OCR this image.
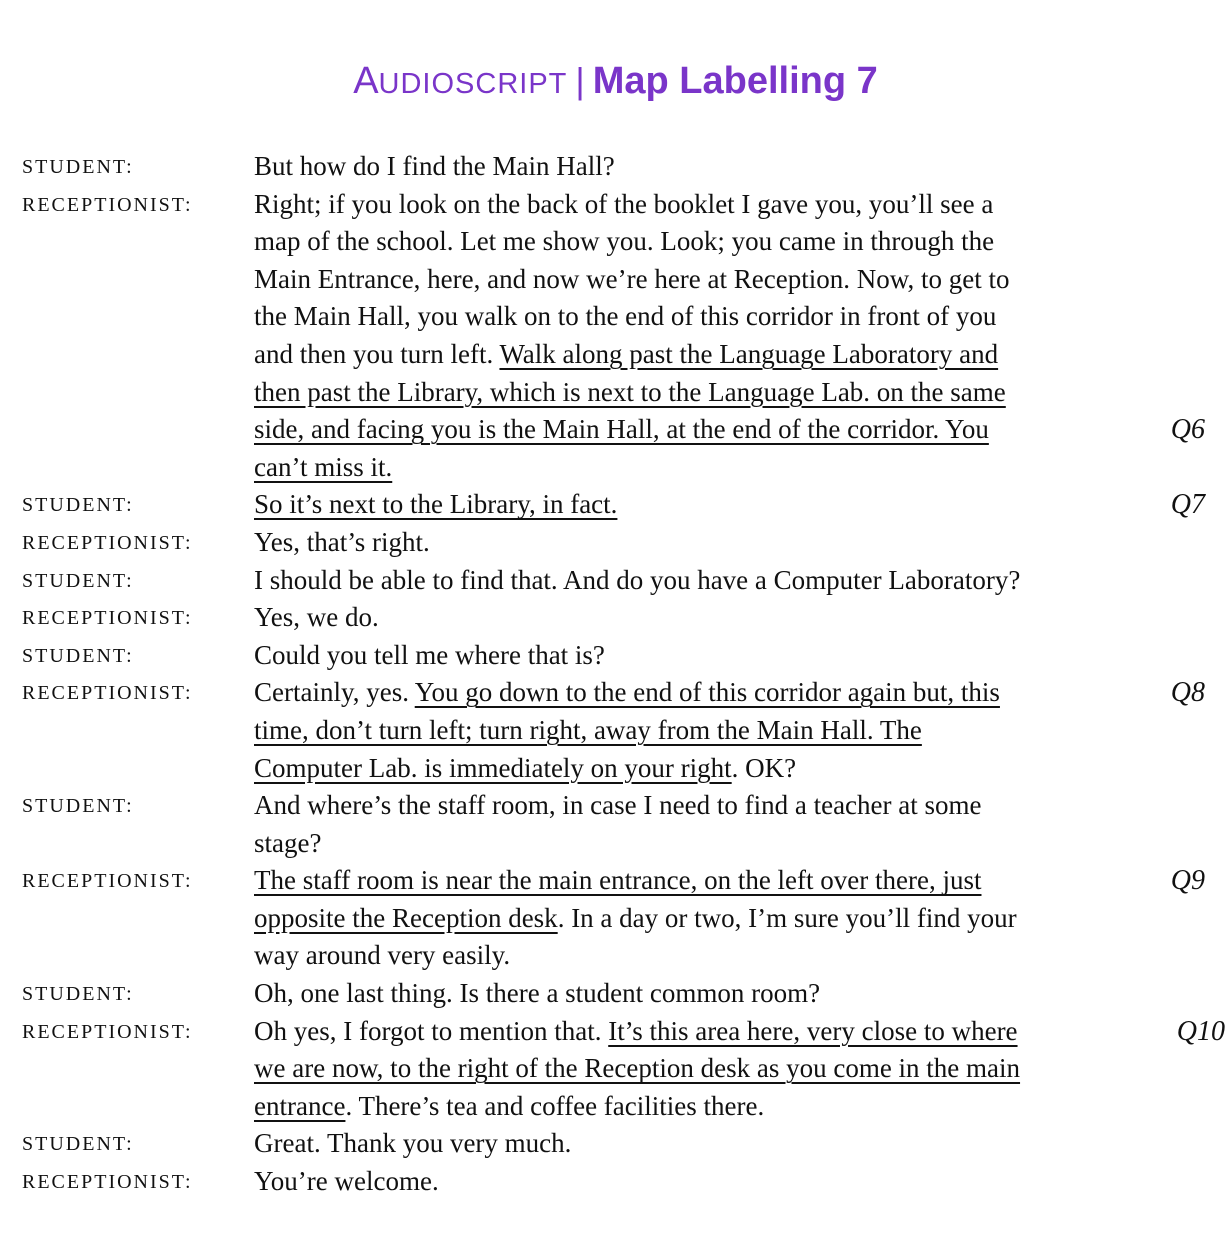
AUDIOSCRIPT | Map Labelling 7
STUDENT:	But how do I find the Main Hall?
RECEPTIONIST: Right; if you look on the back of the booklet I gave you, you’ll see a
map of the school. Let me show you. Look; you came in through the
Main Entrance, here, and now we’re here at Reception. Now, to get to
the Main Hall, you walk on to the end of this corridor in front of you
and then you turn left. Walk along past the Language Laboratory and
then past the Library, which is next to the Language Lab. on the same
side, and facing you is the Main Hall, at the end of the corridor. You	Q6
can’t miss it.
STUDENT:	So it’s next to the Library, in fact.	Q7
RECEPTIONIST: Yes, that’s right.
STUDENT:	I should be able to find that. And do you have a Computer Laboratory?
RECEPTIONIST: Yes, we do.
STUDENT:	Could you tell me where that is?
RECEPTIONIST: Certainly, yes. You go down to the end of this corridor again but, this	Q8
time, don’t turn left; turn right, away from the Main Hall. The
Computer Lab. is immediately on your right. OK?
STUDENT:	And where’s the staff room, in case I need to find a teacher at some
stage?
RECEPTIONIST: The staff room is near the main entrance, on the left over there, just	Q9
opposite the Reception desk. In a day or two, I’m sure you’ll find your
way around very easily.
STUDENT:	Oh, one last thing. Is there a student common room?
RECEPTIONIST: Oh yes, I forgot to mention that. It’s this area here, very close to where	Q10
we are now, to the right of the Reception desk as you come in the main
entrance. There’s tea and coffee facilities there.
STUDENT:	Great. Thank you very much.
RECEPTIONIST: You’re welcome.
